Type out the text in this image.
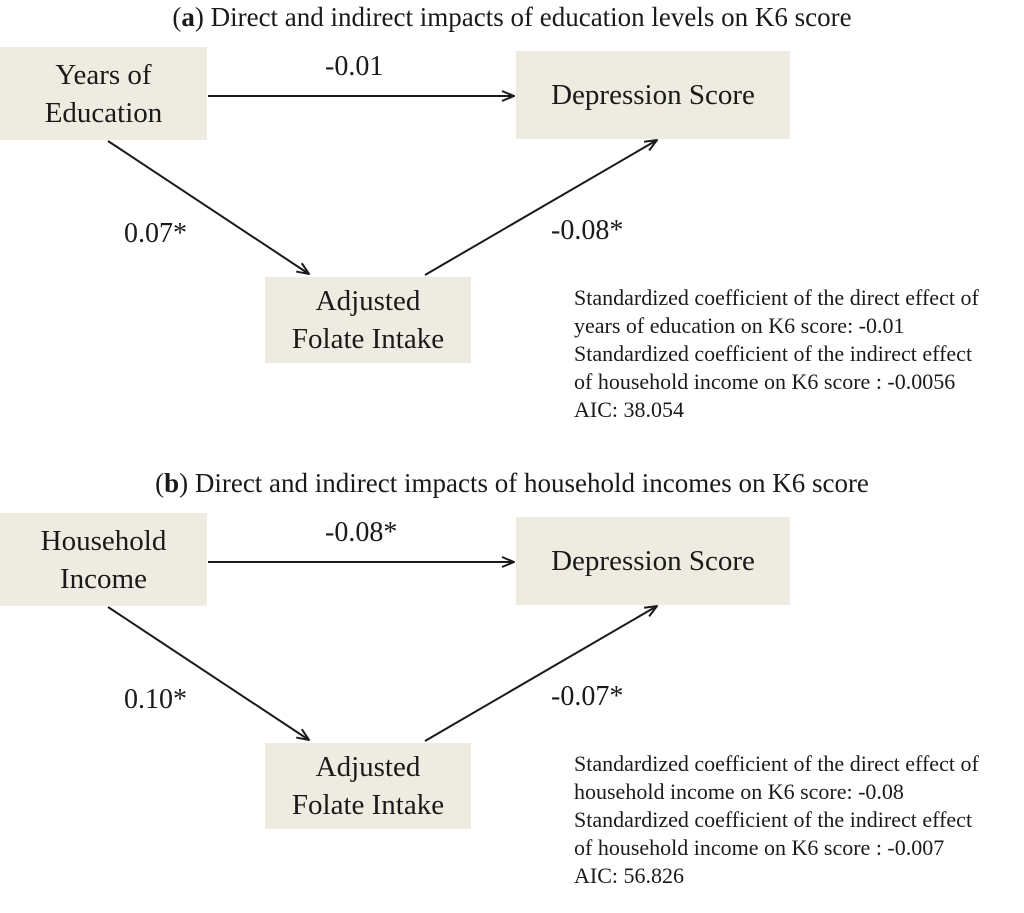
(a) Direct and indirect impacts of education levels on K6 score
Years of
Education
Depression Score
Adjusted
Folate Intake
-0.01
0.07*	-0.08*
Standardized coefficient of the direct effect of
years of education on K6 score: -0.01
Standardized coefficient of the indirect effect
of household income on K6 score : -0.0056
AIC: 38.054
(b) Direct and indirect impacts of household incomes on K6 score
Household
Income
Depression Score
Adjusted
Folate Intake
-0.08*
0.10*	-0.07*
Standardized coefficient of the direct effect of
household income on K6 score: -0.08
Standardized coefficient of the indirect effect
of household income on K6 score : -0.007
AIC: 56.826
